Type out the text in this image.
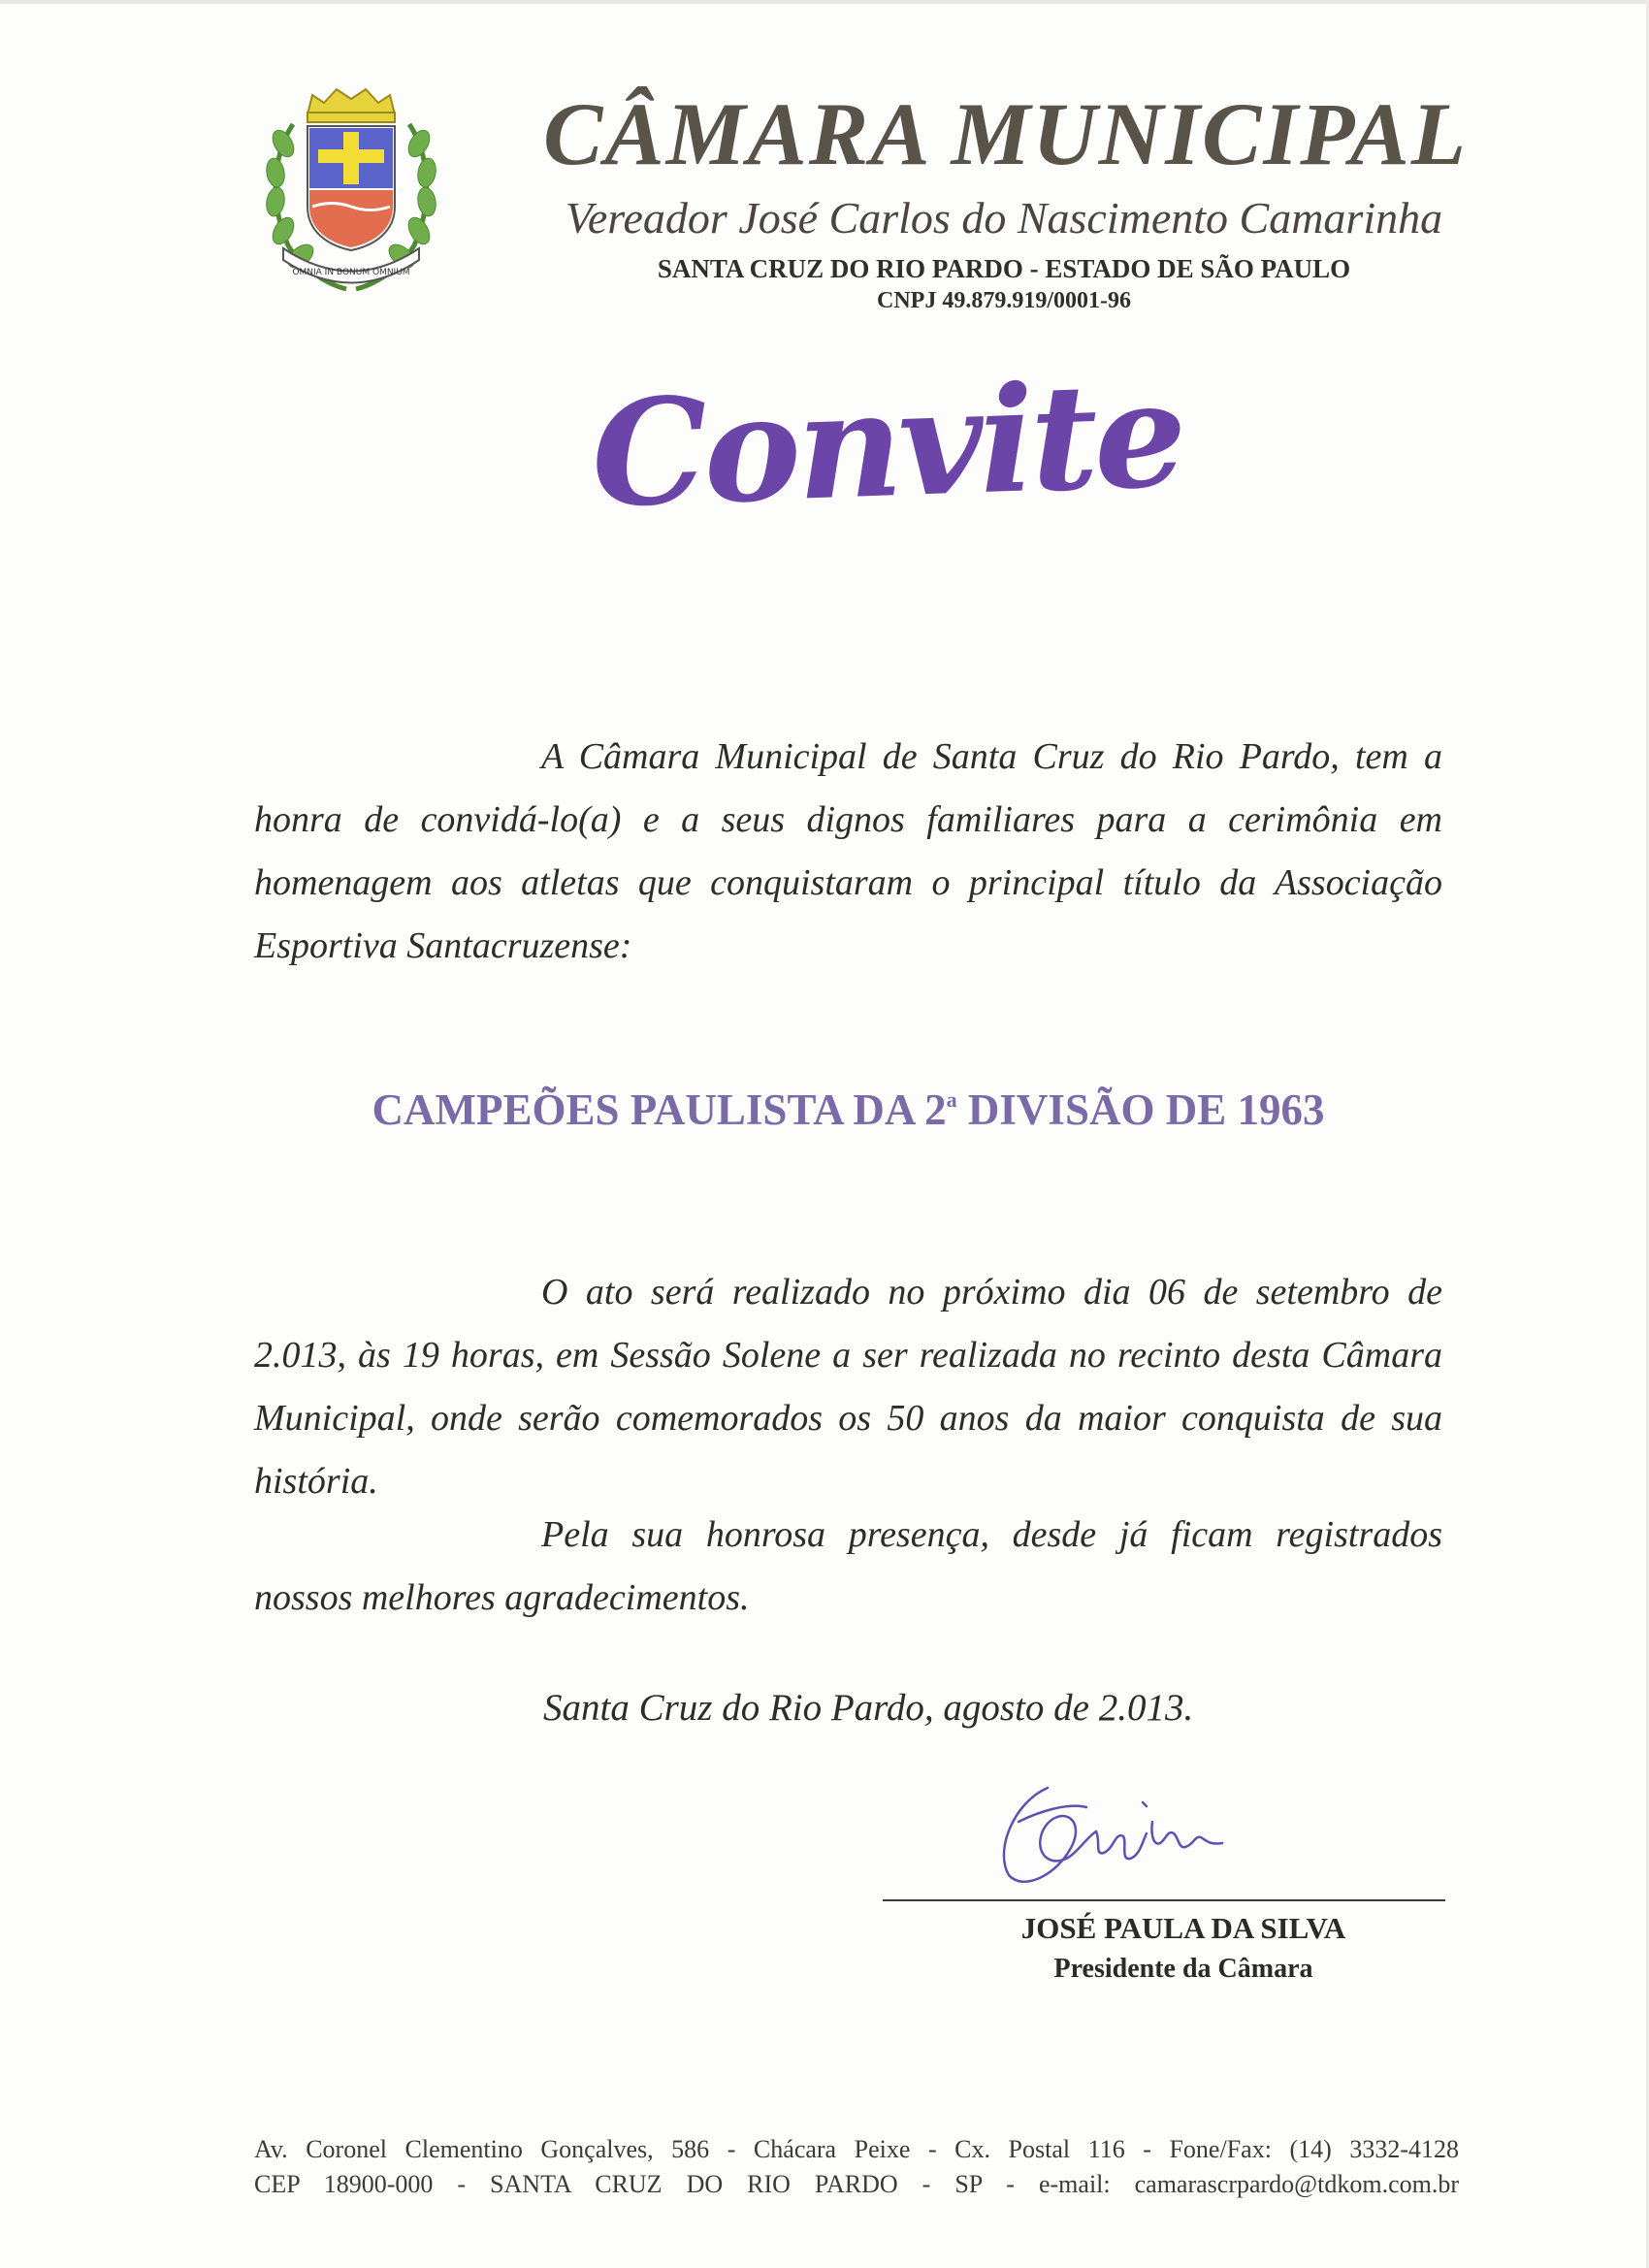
OMNIA IN BONUM OMNIUM
CÂMARA MUNICIPAL
Vereador José Carlos do Nascimento Camarinha
SANTA CRUZ DO RIO PARDO - ESTADO DE SÃO PAULO
CNPJ 49.879.919/0001-96
Convite
A Câmara Municipal de Santa Cruz do Rio Pardo, tem a honra de convidá-lo(a) e a seus dignos familiares para a cerimônia em homenagem aos atletas que conquistaram o principal título da Associação Esportiva Santacruzense:
CAMPEÕES PAULISTA DA 2$^a$ DIVISÃO DE 1963
O ato será realizado no próximo dia 06 de setembro de 2.013, às 19 horas, em Sessão Solene a ser realizada no recinto desta Câmara Municipal, onde serão comemorados os 50 anos da maior conquista de sua história.
Pela sua honrosa presença, desde já ficam registrados nossos melhores agradecimentos.
Santa Cruz do Rio Pardo, agosto de 2.013.
JOSÉ PAULA DA SILVA
Presidente da Câmara
Av. Coronel Clementino Gonçalves, 586 - Chácara Peixe - Cx. Postal 116 - Fone/Fax: (14) 3332-4128
CEP 18900-000 - SANTA CRUZ DO RIO PARDO - SP - e-mail: camarascrpardo@tdkom.com.br
